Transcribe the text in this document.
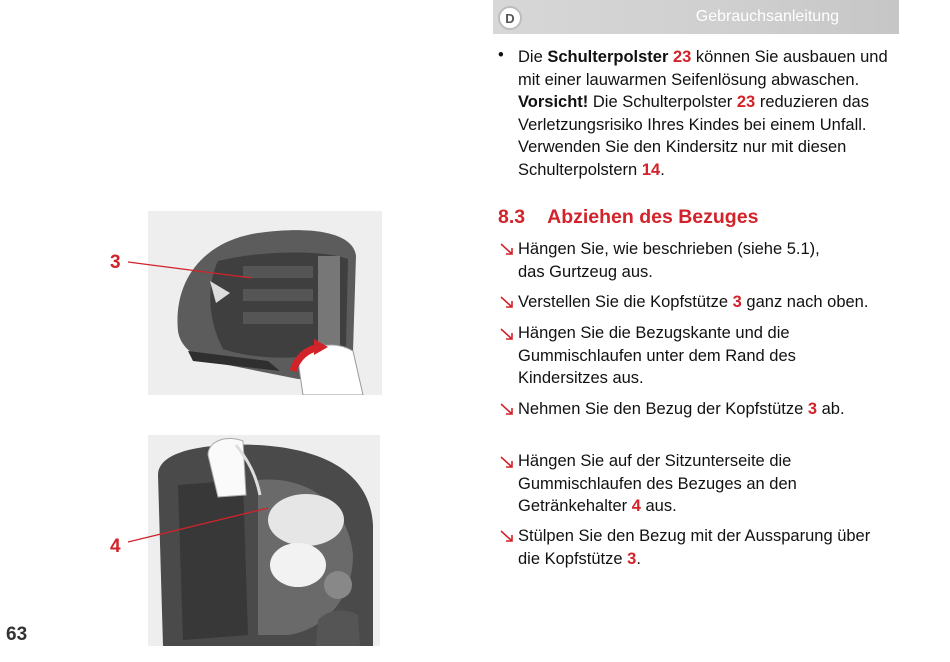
Gebrauchsanleitung
D
• Die Schulterpolster 23 können Sie ausbauen und
mit einer lauwarmen Seifenlösung abwaschen.
Vorsicht! Die Schulterpolster 23 reduzieren das
Verletzungsrisiko Ihres Kindes bei einem Unfall.
Verwenden Sie den Kindersitz nur mit diesen
Schulterpolstern 14.
8.3 Abziehen des Bezuges
Hängen Sie, wie beschrieben (siehe 5.1),
das Gurtzeug aus.
Verstellen Sie die Kopfstütze 3 ganz nach oben.
Hängen Sie die Bezugskante und die
Gummischlaufen unter dem Rand des
Kindersitzes aus.
Nehmen Sie den Bezug der Kopfstütze 3 ab.
Hängen Sie auf der Sitzunterseite die
Gummischlaufen des Bezuges an den
Getränkehalter 4 aus.
Stülpen Sie den Bezug mit der Aussparung über
die Kopfstütze 3.
3
4
63
